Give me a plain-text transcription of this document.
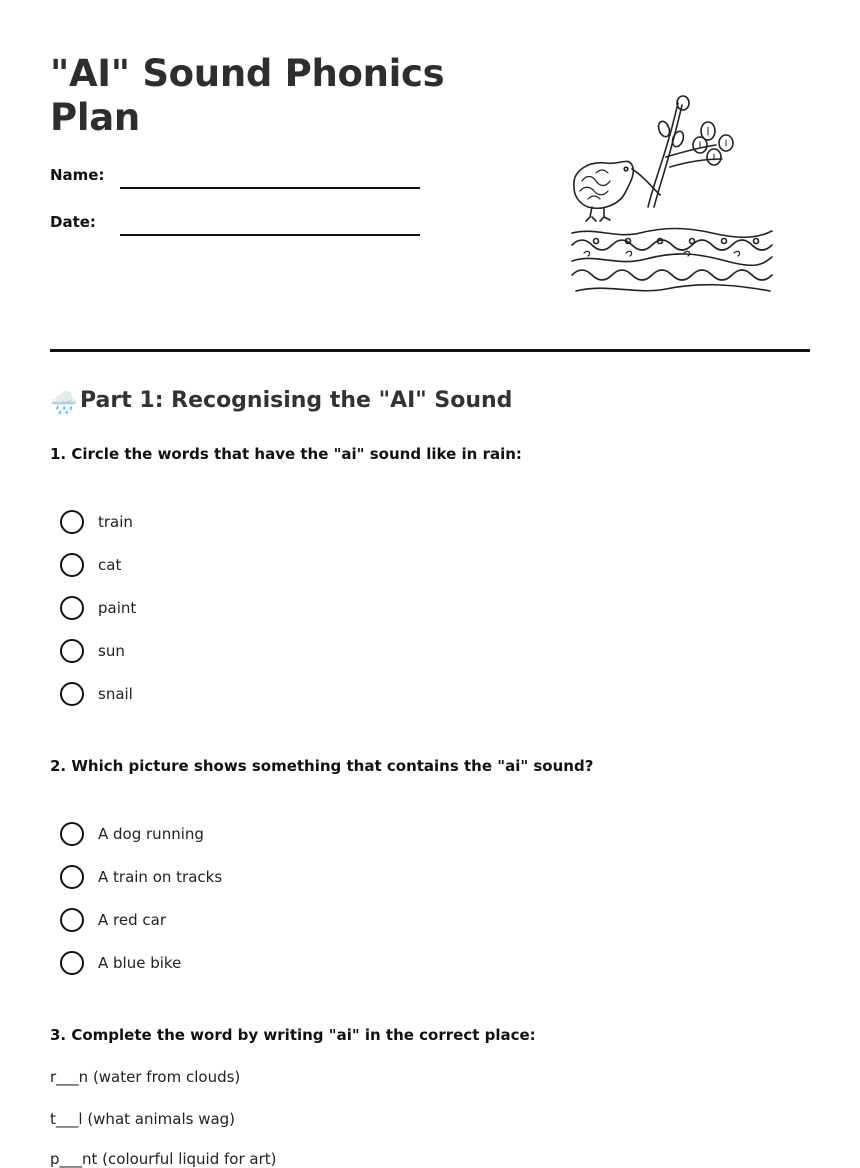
"AI" Sound Phonics Plan
Name:
Date:
🌧️ Part 1: Recognising the "AI" Sound

1. Circle the words that have the "ai" sound like in rain:

train
cat
paint
sun
snail

2. Which picture shows something that contains the "ai" sound?

A dog running
A train on tracks
A red car
A blue bike

3. Complete the word by writing "ai" in the correct place:

r___n (water from clouds)
t___l (what animals wag)
p___nt (colourful liquid for art)
